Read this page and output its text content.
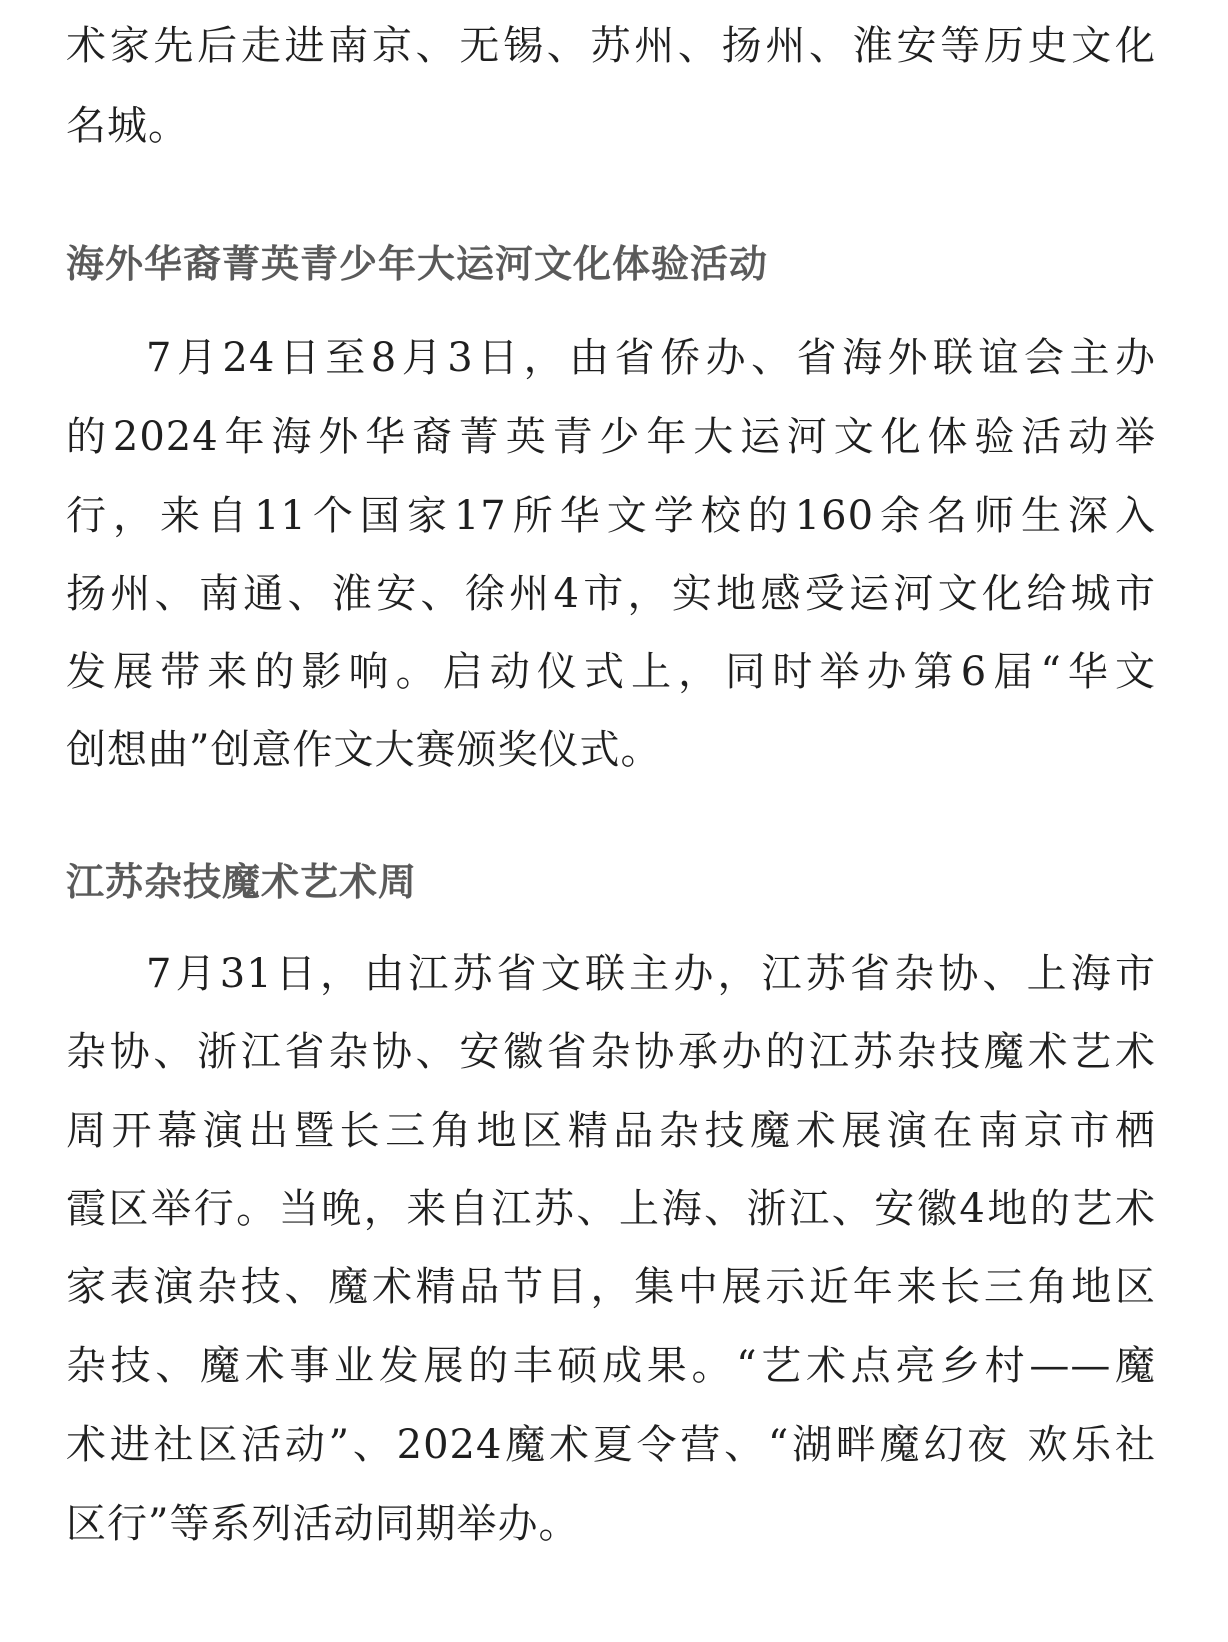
术家先后走进南京、无锡、苏州、扬州、淮安等历史文化
名城。
海外华裔菁英青少年大运河文化体验活动
7月24日至8月3日，由省侨办、省海外联谊会主办
的2024年海外华裔菁英青少年大运河文化体验活动举
行，来自11个国家17所华文学校的160余名师生深入
扬州、南通、淮安、徐州4市，实地感受运河文化给城市
发展带来的影响。启动仪式上，同时举办第6届“华文
创想曲”创意作文大赛颁奖仪式。
江苏杂技魔术艺术周
7月31日，由江苏省文联主办，江苏省杂协、上海市
杂协、浙江省杂协、安徽省杂协承办的江苏杂技魔术艺术
周开幕演出暨长三角地区精品杂技魔术展演在南京市栖
霞区举行。当晚，来自江苏、上海、浙江、安徽4地的艺术
家表演杂技、魔术精品节目，集中展示近年来长三角地区
杂技、魔术事业发展的丰硕成果。“艺术点亮乡村——魔
术进社区活动”、2024魔术夏令营、“湖畔魔幻夜 欢乐社
区行”等系列活动同期举办。
